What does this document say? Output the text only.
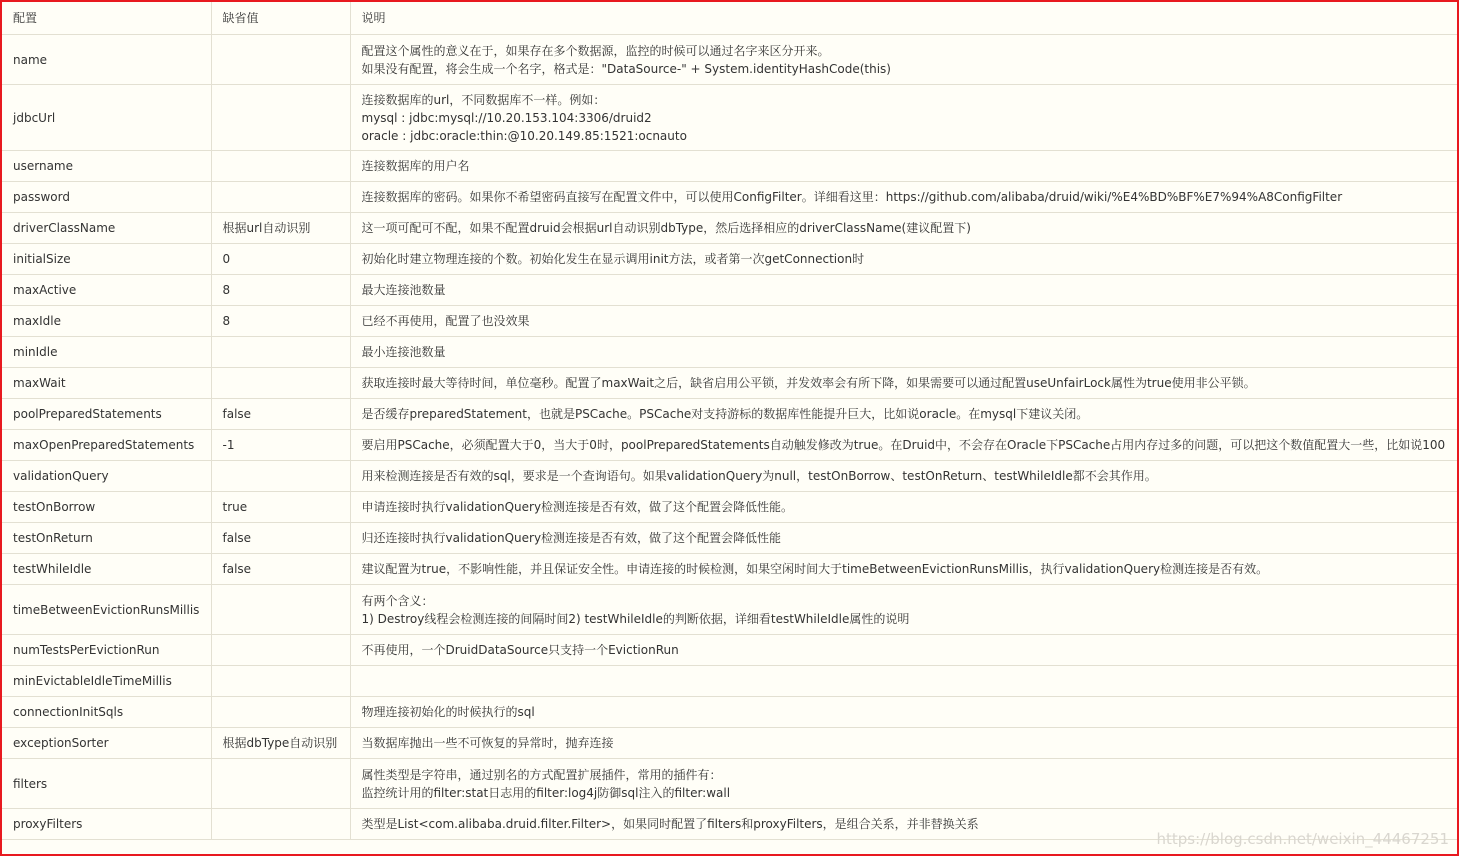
配置	缺省值	说明
name		配置这个属性的意义在于，如果存在多个数据源，监控的时候可以通过名字来区分开来。
如果没有配置，将会生成一个名字，格式是："DataSource-" + System.identityHashCode(this)

jdbcUrl		连接数据库的url，不同数据库不一样。例如：
mysql : jdbc:mysql://10.20.153.104:3306/druid2
oracle : jdbc:oracle:thin:@10.20.149.85:1521:ocnauto

username		连接数据库的用户名

password		连接数据库的密码。如果你不希望密码直接写在配置文件中，可以使用ConfigFilter。详细看这里：https://github.com/alibaba/druid/wiki/%E4%BD%BF%E7%94%A8ConfigFilter

driverClassName	根据url自动识别	这一项可配可不配，如果不配置druid会根据url自动识别dbType，然后选择相应的driverClassName(建议配置下)

initialSize	0	初始化时建立物理连接的个数。初始化发生在显示调用init方法，或者第一次getConnection时

maxActive	8	最大连接池数量

maxIdle	8	已经不再使用，配置了也没效果

minIdle		最小连接池数量

maxWait		获取连接时最大等待时间，单位毫秒。配置了maxWait之后，缺省启用公平锁，并发效率会有所下降，如果需要可以通过配置useUnfairLock属性为true使用非公平锁。

poolPreparedStatements	false	是否缓存preparedStatement，也就是PSCache。PSCache对支持游标的数据库性能提升巨大，比如说oracle。在mysql下建议关闭。

maxOpenPreparedStatements	-1	要启用PSCache，必须配置大于0，当大于0时，poolPreparedStatements自动触发修改为true。在Druid中，不会存在Oracle下PSCache占用内存过多的问题，可以把这个数值配置大一些，比如说100

validationQuery		用来检测连接是否有效的sql，要求是一个查询语句。如果validationQuery为null，testOnBorrow、testOnReturn、testWhileIdle都不会其作用。

testOnBorrow	true	申请连接时执行validationQuery检测连接是否有效，做了这个配置会降低性能。

testOnReturn	false	归还连接时执行validationQuery检测连接是否有效，做了这个配置会降低性能

testWhileIdle	false	建议配置为true，不影响性能，并且保证安全性。申请连接的时候检测，如果空闲时间大于timeBetweenEvictionRunsMillis，执行validationQuery检测连接是否有效。

timeBetweenEvictionRunsMillis		有两个含义：
1) Destroy线程会检测连接的间隔时间2) testWhileIdle的判断依据，详细看testWhileIdle属性的说明

numTestsPerEvictionRun		不再使用，一个DruidDataSource只支持一个EvictionRun

minEvictableIdleTimeMillis		

connectionInitSqls		物理连接初始化的时候执行的sql

exceptionSorter	根据dbType自动识别	当数据库抛出一些不可恢复的异常时，抛弃连接

filters		属性类型是字符串，通过别名的方式配置扩展插件，常用的插件有：
监控统计用的filter:stat日志用的filter:log4j防御sql注入的filter:wall

proxyFilters		类型是List<com.alibaba.druid.filter.Filter>，如果同时配置了filters和proxyFilters，是组合关系，并非替换关系
https://blog.csdn.net/weixin_44467251
